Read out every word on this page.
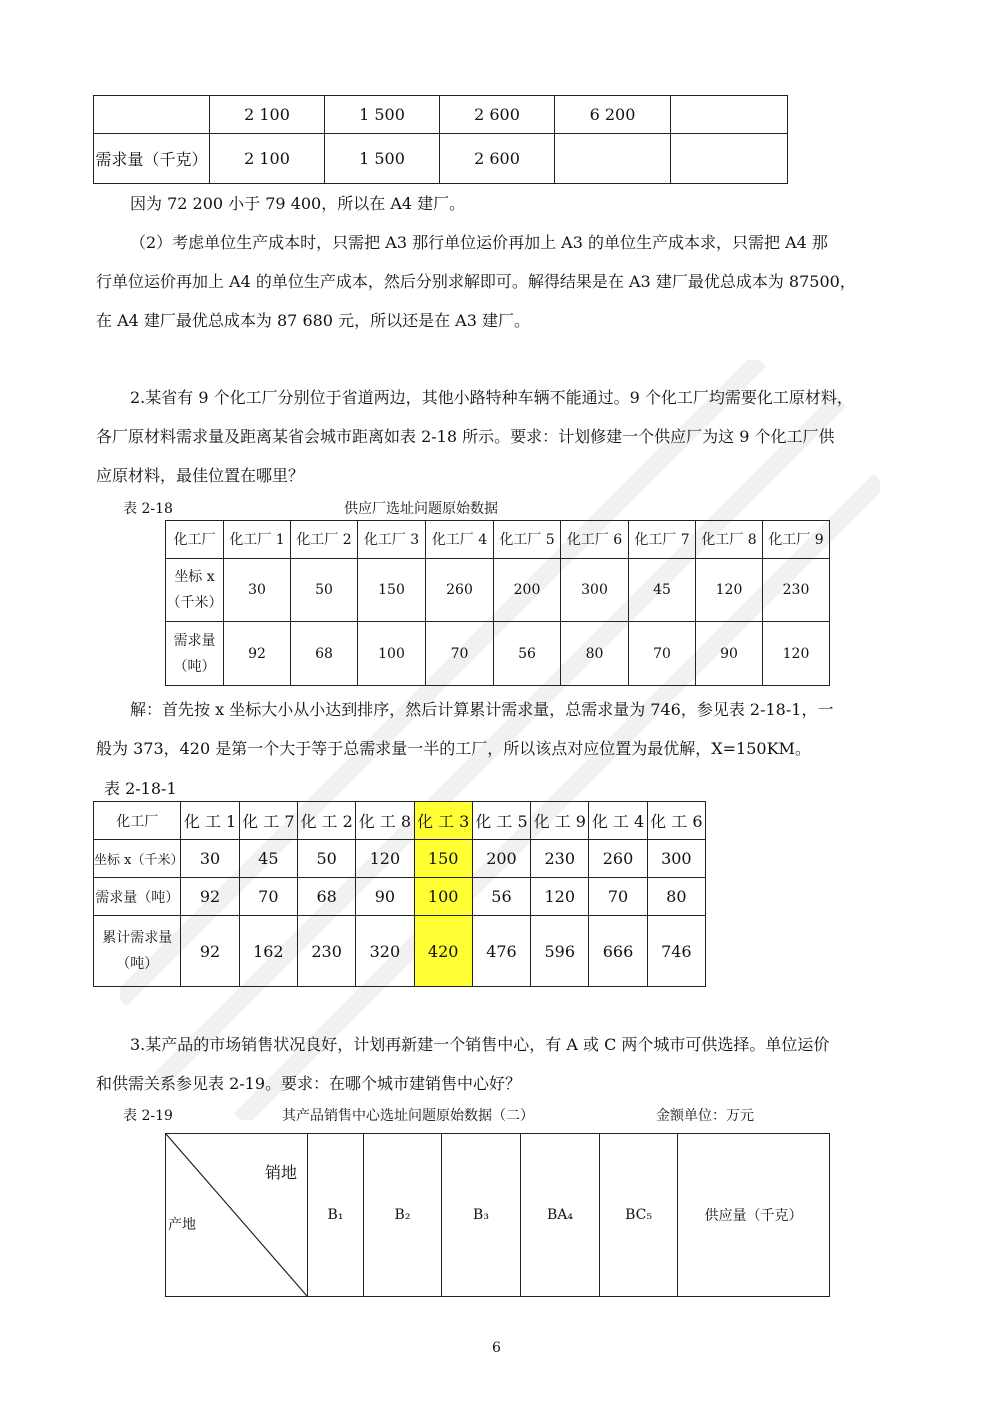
	2 100	1 500	2 600	6 200	
需求量（千克）	2 100	1 500	2 600		

因为 72 200 小于 79 400，所以在 A4 建厂。

（2）考虑单位生产成本时，只需把 A3 那行单位运价再加上 A3 的单位生产成本求，只需把 A4 那

行单位运价再加上 A4 的单位生产成本，然后分别求解即可。解得结果是在 A3 建厂最优总成本为 87500，

在 A4 建厂最优总成本为 87 680 元，所以还是在 A3 建厂。

2.某省有 9 个化工厂分别位于省道两边，其他小路特种车辆不能通过。9 个化工厂均需要化工原材料，

各厂原材料需求量及距离某省会城市距离如表 2-18 所示。要求：计划修建一个供应厂为这 9 个化工厂供

应原材料，最佳位置在哪里？

表 2-18	供应厂选址问题原始数据
化工厂	化工厂 1	化工厂 2	化工厂 3	化工厂 4	化工厂 5	化工厂 6	化工厂 7	化工厂 8	化工厂 9
坐标 x
（千米）	30	50	150	260	200	300	45	120	230
需求量
（吨）	92	68	100	70	56	80	70	90	120

解：首先按 x 坐标大小从小达到排序，然后计算累计需求量，总需求量为 746，参见表 2-18-1，一

般为 373，420 是第一个大于等于总需求量一半的工厂，所以该点对应位置为最优解，X=150KM。

表 2-18-1
化工厂	化 工 1	化 工 7	化 工 2	化 工 8	化 工 3	化 工 5	化 工 9	化 工 4	化 工 6
坐标 x（千米）	30	45	50	120	150	200	230	260	300
需求量（吨）	92	70	68	90	100	56	120	70	80
累计需求量
（吨）	92	162	230	320	420	476	596	666	746

3.某产品的市场销售状况良好，计划再新建一个销售中心，有 A 或 C 两个城市可供选择。单位运价

和供需关系参见表 2-19。要求：在哪个城市建销售中心好？

表 2-19	其产品销售中心选址问题原始数据（二）	金额单位：万元
销地
产地
	B₁	B₂	B₃	BA₄	BC₅	供应量（千克）
6
